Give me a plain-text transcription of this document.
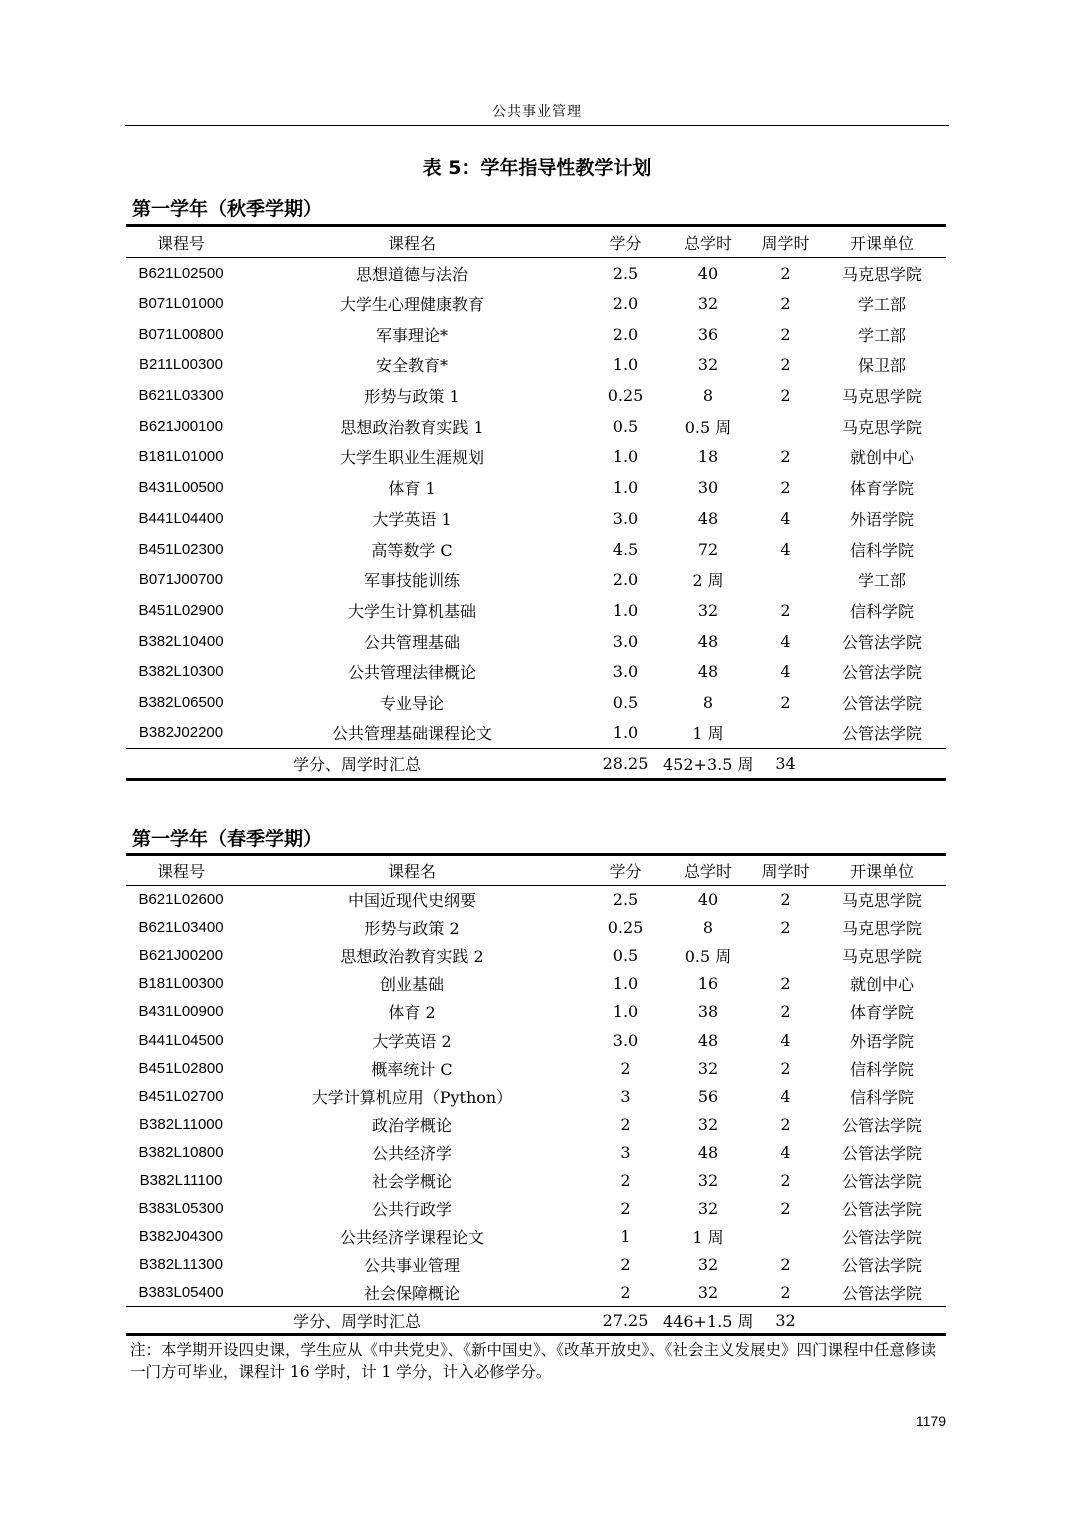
公共事业管理
表 5：学年指导性教学计划
第一学年（秋季学期）
课程号	课程名	学分	总学时	周学时	开课单位
B621L02500	思想道德与法治	2.5	40	2	马克思学院
B071L01000	大学生心理健康教育	2.0	32	2	学工部
B071L00800	军事理论*	2.0	36	2	学工部
B211L00300	安全教育*	1.0	32	2	保卫部
B621L03300	形势与政策 1	0.25	8	2	马克思学院
B621J00100	思想政治教育实践 1	0.5	0.5 周		马克思学院
B181L01000	大学生职业生涯规划	1.0	18	2	就创中心
B431L00500	体育 1	1.0	30	2	体育学院
B441L04400	大学英语 1	3.0	48	4	外语学院
B451L02300	高等数学 C	4.5	72	4	信科学院
B071J00700	军事技能训练	2.0	2 周		学工部
B451L02900	大学生计算机基础	1.0	32	2	信科学院
B382L10400	公共管理基础	3.0	48	4	公管法学院
B382L10300	公共管理法律概论	3.0	48	4	公管法学院
B382L06500	专业导论	0.5	8	2	公管法学院
B382J02200	公共管理基础课程论文	1.0	1 周		公管法学院
学分、周学时汇总		28.25	452+3.5 周	34	
第一学年（春季学期）
课程号	课程名	学分	总学时	周学时	开课单位
B621L02600	中国近现代史纲要	2.5	40	2	马克思学院
B621L03400	形势与政策 2	0.25	8	2	马克思学院
B621J00200	思想政治教育实践 2	0.5	0.5 周		马克思学院
B181L00300	创业基础	1.0	16	2	就创中心
B431L00900	体育 2	1.0	38	2	体育学院
B441L04500	大学英语 2	3.0	48	4	外语学院
B451L02800	概率统计 C	2	32	2	信科学院
B451L02700	大学计算机应用（Python）	3	56	4	信科学院
B382L11000	政治学概论	2	32	2	公管法学院
B382L10800	公共经济学	3	48	4	公管法学院
B382L11100	社会学概论	2	32	2	公管法学院
B383L05300	公共行政学	2	32	2	公管法学院
B382J04300	公共经济学课程论文	1	1 周		公管法学院
B382L11300	公共事业管理	2	32	2	公管法学院
B383L05400	社会保障概论	2	32	2	公管法学院
学分、周学时汇总		27.25	446+1.5 周	32	
注：本学期开设四史课，学生应从《中共党史》、《新中国史》、《改革开放史》、《社会主义发展史》四门课程中任意修读一门方可毕业，课程计 16 学时，计 1 学分，计入必修学分。
1179
